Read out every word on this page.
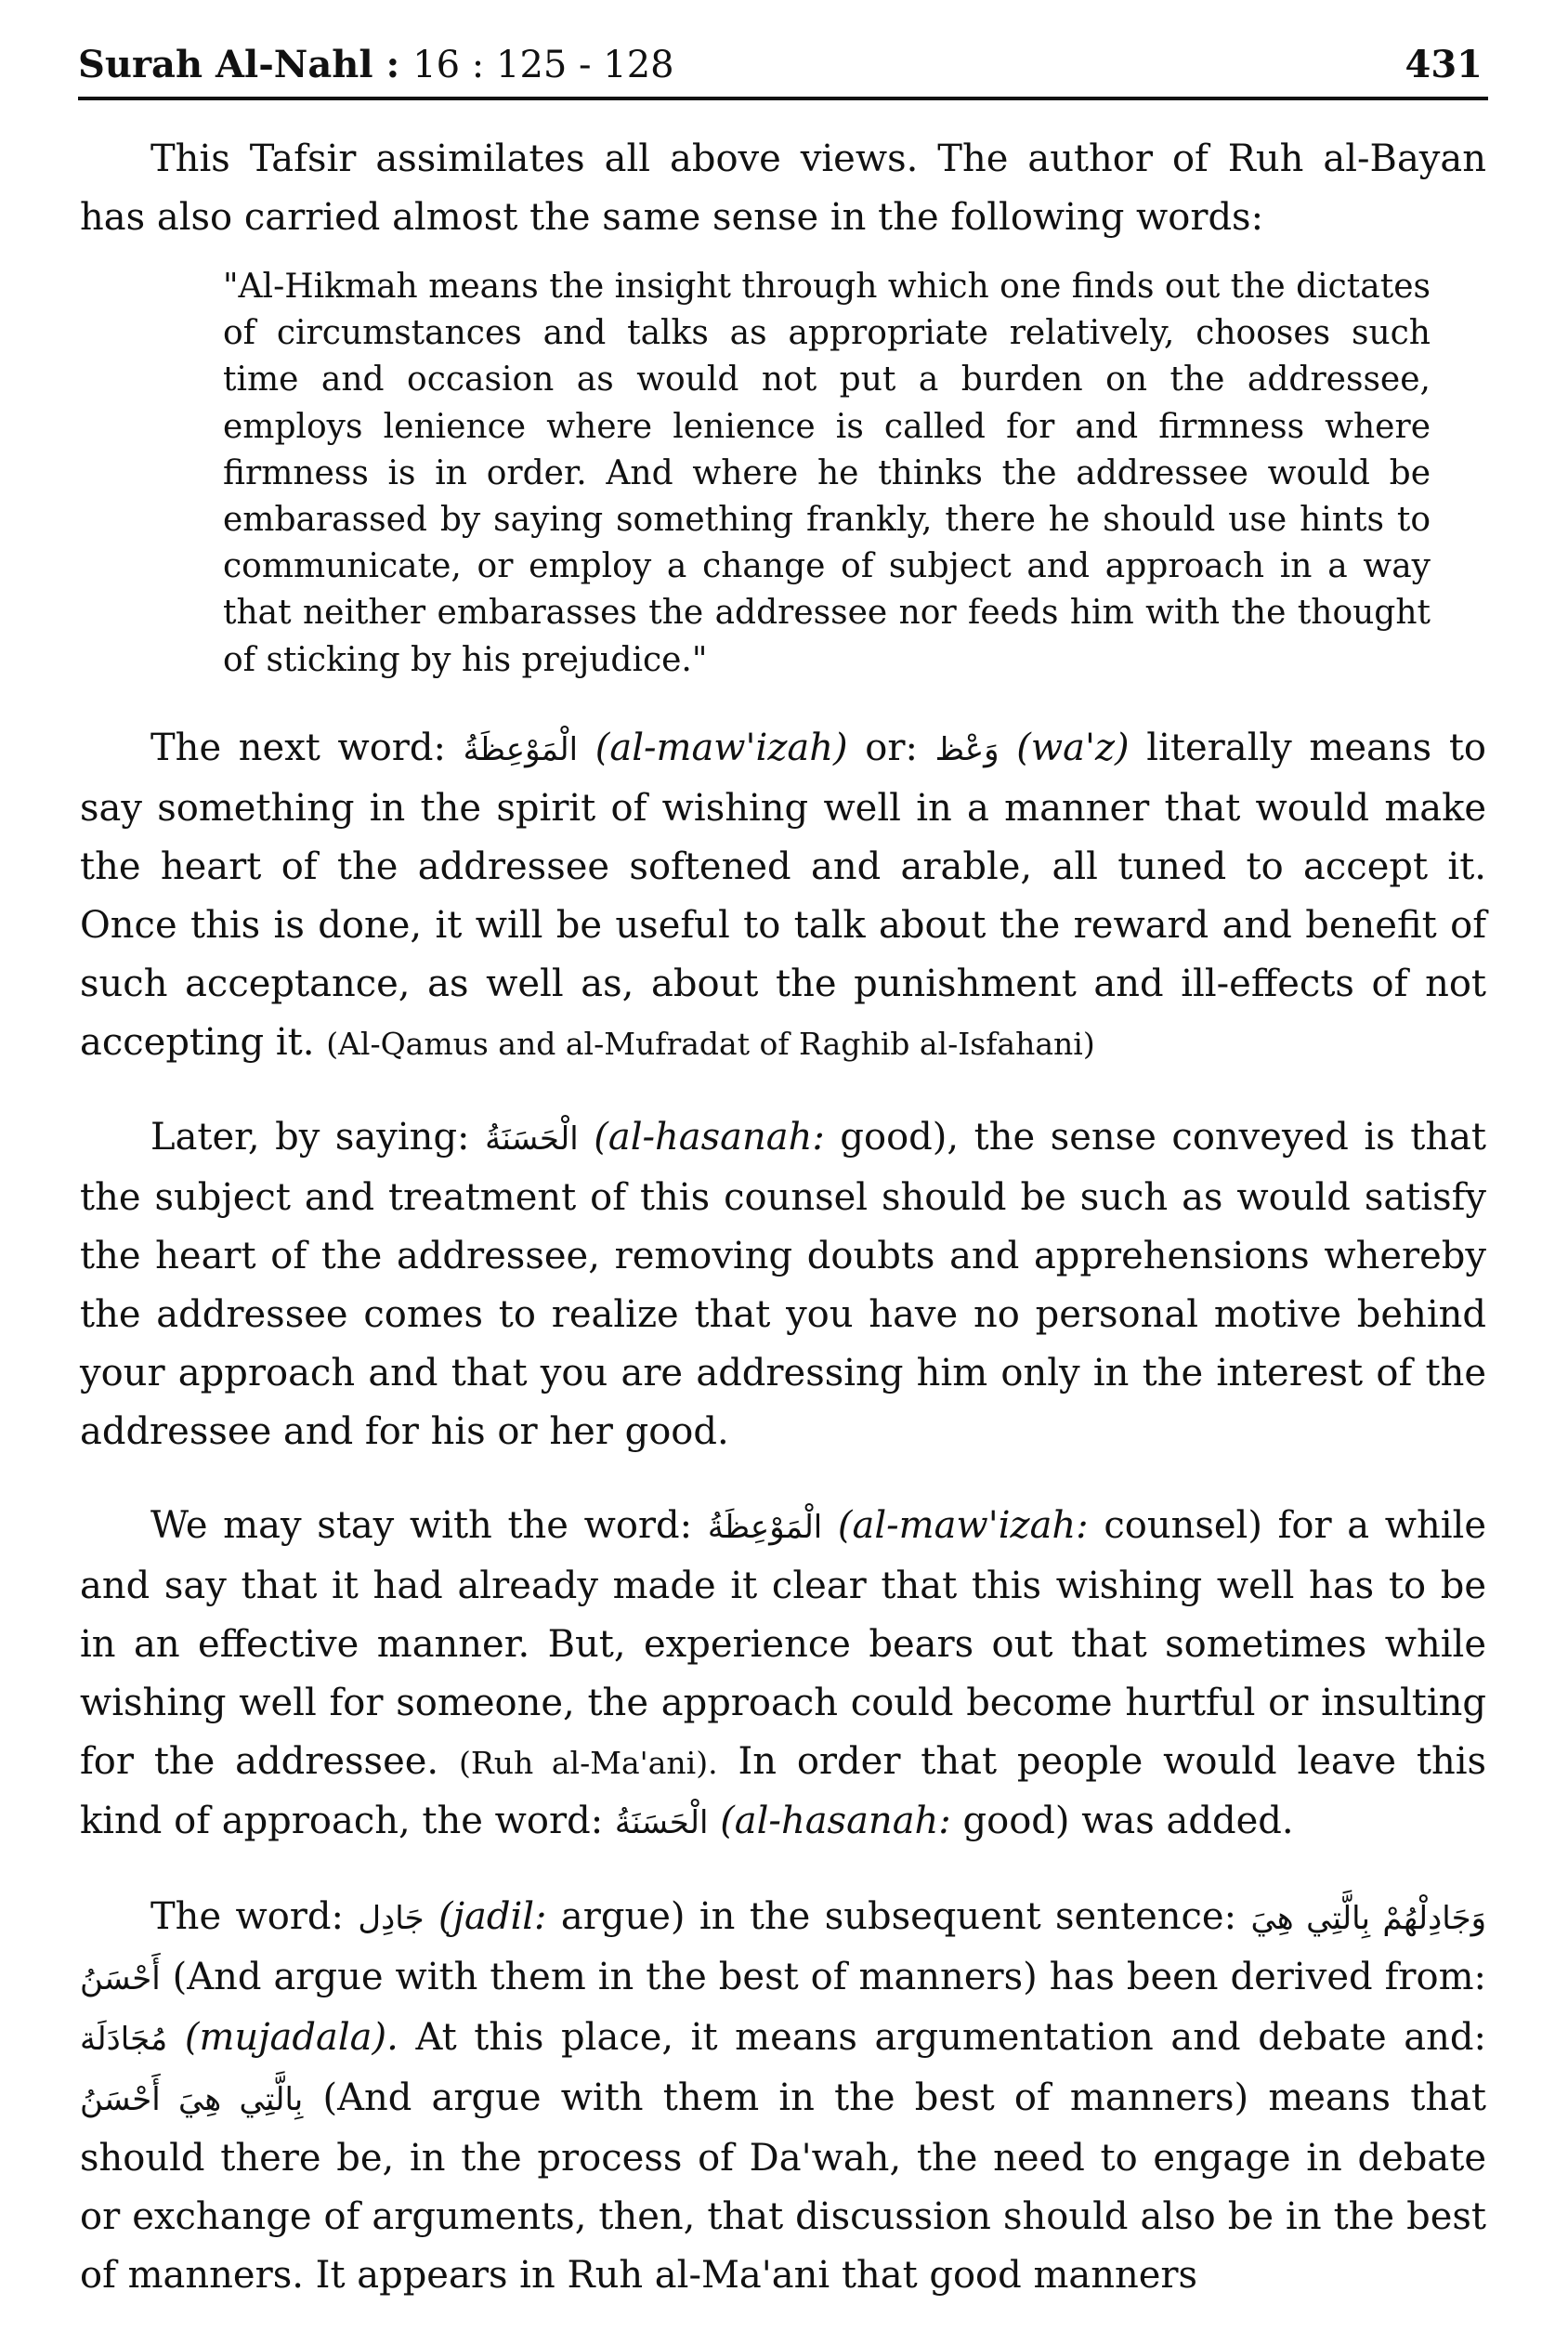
Surah Al-Nahl : 16 : 125 - 128	431

This Tafsir assimilates all above views. The author of Ruh al-Bayan has also carried almost the same sense in the following words:

"Al-Hikmah means the insight through which one finds out the dictates of circumstances and talks as appropriate relatively, chooses such time and occasion as would not put a burden on the addressee, employs lenience where lenience is called for and firmness where firmness is in order. And where he thinks the addressee would be embarassed by saying something frankly, there he should use hints to communicate, or employ a change of subject and approach in a way that neither embarasses the addressee nor feeds him with the thought of sticking by his prejudice."

The next word: الْمَوْعِظَةُ (al-maw'izah) or: وَعْظ (wa'z) literally means to say something in the spirit of wishing well in a manner that would make the heart of the addressee softened and arable, all tuned to accept it. Once this is done, it will be useful to talk about the reward and benefit of such acceptance, as well as, about the punishment and ill-effects of not accepting it. (Al-Qamus and al-Mufradat of Raghib al-Isfahani)

Later, by saying: الْحَسَنَةُ (al-hasanah: good), the sense conveyed is that the subject and treatment of this counsel should be such as would satisfy the heart of the addressee, removing doubts and apprehensions whereby the addressee comes to realize that you have no personal motive behind your approach and that you are addressing him only in the interest of the addressee and for his or her good.

We may stay with the word: الْمَوْعِظَةُ (al-maw'izah: counsel) for a while and say that it had already made it clear that this wishing well has to be in an effective manner. But, experience bears out that sometimes while wishing well for someone, the approach could become hurtful or insulting for the addressee. (Ruh al-Ma'ani). In order that people would leave this kind of approach, the word: الْحَسَنَةُ (al-hasanah: good) was added.

The word: جَادِل (jadil: argue) in the subsequent sentence: وَجَادِلْهُمْ بِالَّتِي هِيَ أَحْسَنُ (And argue with them in the best of manners) has been derived from: مُجَادَلَة (mujadala). At this place, it means argumentation and debate and: بِالَّتِي هِيَ أَحْسَنُ (And argue with them in the best of manners) means that should there be, in the process of Da'wah, the need to engage in debate or exchange of arguments, then, that discussion should also be in the best of manners. It appears in Ruh al-Ma'ani that good manners
